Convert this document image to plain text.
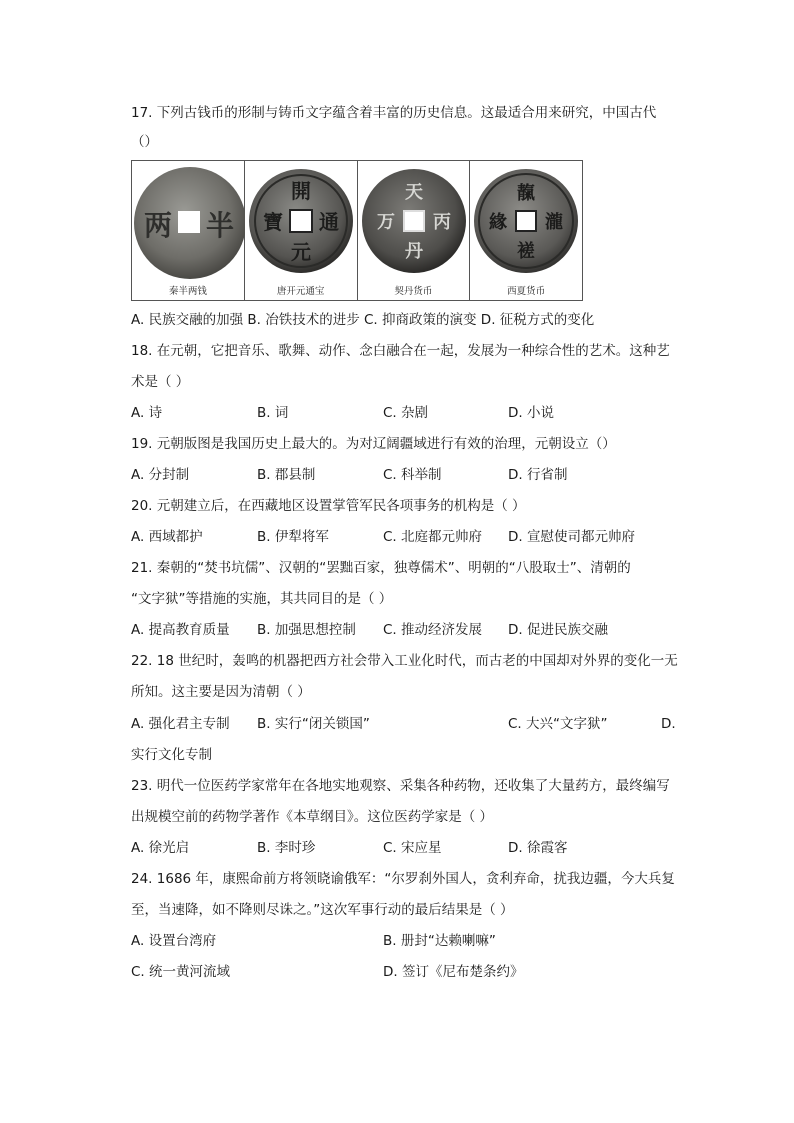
17. 下列古钱币的形制与铸币文字蕴含着丰富的历史信息。这最适合用来研究，中国古代
（）
半
两
秦半两钱
開
元
通
寶
唐开元通宝
天
丹
万 丙
契丹货币
靝
緣 瀧
褨
西夏货币
A. 民族交融的加强 B. 冶铁技术的进步 C. 抑商政策的演变 D. 征税方式的变化
18. 在元朝，它把音乐、歌舞、动作、念白融合在一起，发展为一种综合性的艺术。这种艺
术是（ ）
A. 诗	B. 词	C. 杂剧	D. 小说
19. 元朝版图是我国历史上最大的。为对辽阔疆域进行有效的治理，元朝设立（）
A. 分封制	B. 郡县制	C. 科举制	D. 行省制
20. 元朝建立后，在西藏地区设置掌管军民各项事务的机构是（ ）
A. 西域都护	B. 伊犁将军	C. 北庭都元帅府 D. 宣慰使司都元帅府
21. 秦朝的“焚书坑儒”、汉朝的“罢黜百家，独尊儒术”、明朝的“八股取士”、清朝的
“文字狱”等措施的实施，其共同目的是（ ）
A. 提高教育质量 B. 加强思想控制 C. 推动经济发展 D. 促进民族交融
22. 18 世纪时，轰鸣的机器把西方社会带入工业化时代，而古老的中国却对外界的变化一无
所知。这主要是因为清朝（ ）
A. 强化君主专制 B. 实行“闭关锁国”	C. 大兴“文字狱”	D.
实行文化专制
23. 明代一位医药学家常年在各地实地观察、采集各种药物，还收集了大量药方，最终编写
出规模空前的药物学著作《本草纲目》。这位医药学家是（ ）
A. 徐光启	B. 李时珍	C. 宋应星	D. 徐霞客
24. 1686 年，康熙命前方将领晓谕俄军：“尔罗刹外国人，贪利弃命，扰我边疆，今大兵复
至，当速降，如不降则尽诛之。”这次军事行动的最后结果是（ ）
A. 设置台湾府	B. 册封“达赖喇嘛”
C. 统一黄河流域	D. 签订《尼布楚条约》
